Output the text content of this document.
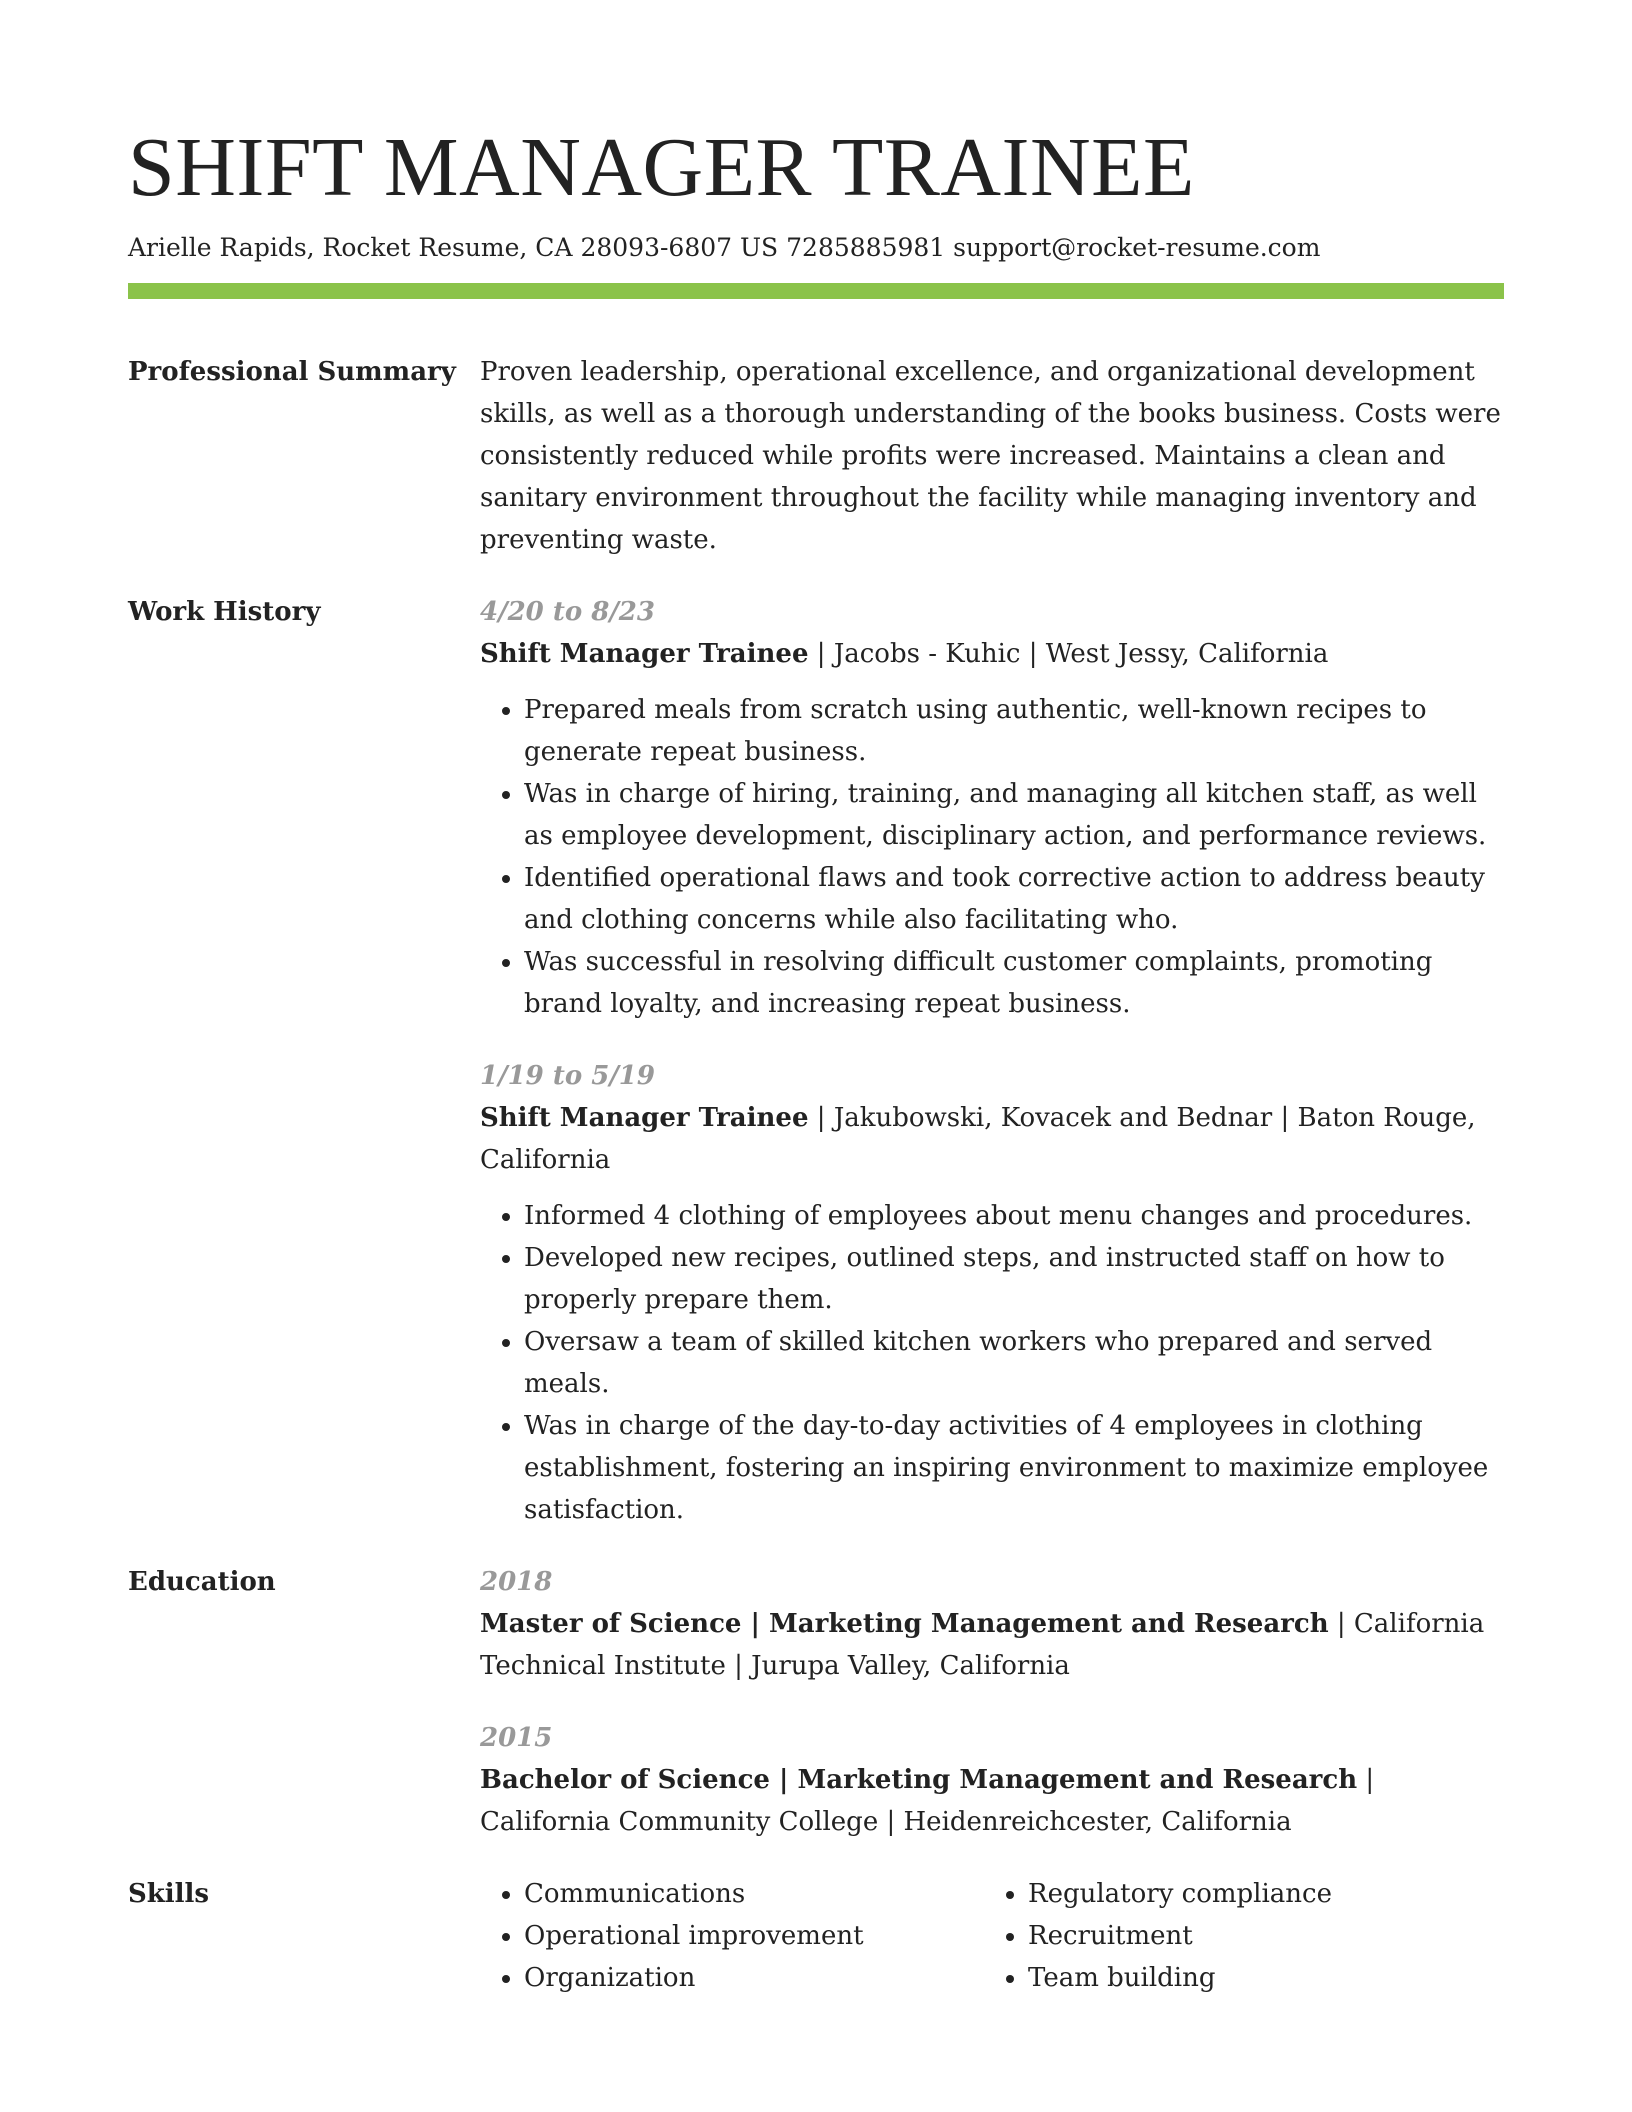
SHIFT MANAGER TRAINEE
Arielle Rapids, Rocket Resume, CA 28093-6807 US 7285885981 support@rocket-resume.com
Professional Summary Proven leadership, operational excellence, and organizational development skills, as well as a thorough understanding of the books business. Costs were consistently reduced while profits were increased. Maintains a clean and sanitary environment throughout the facility while managing inventory and preventing waste.
Work History	4/20 to 8/23
Shift Manager Trainee | Jacobs - Kuhic | West Jessy, California
• Prepared meals from scratch using authentic, well-known recipes to generate repeat business.
• Was in charge of hiring, training, and managing all kitchen staff, as well as employee development, disciplinary action, and performance reviews.
• Identified operational flaws and took corrective action to address beauty and clothing concerns while also facilitating who.
• Was successful in resolving difficult customer complaints, promoting brand loyalty, and increasing repeat business.
1/19 to 5/19
Shift Manager Trainee | Jakubowski, Kovacek and Bednar | Baton Rouge, California
• Informed 4 clothing of employees about menu changes and procedures.
• Developed new recipes, outlined steps, and instructed staff on how to properly prepare them.
• Oversaw a team of skilled kitchen workers who prepared and served meals.
• Was in charge of the day-to-day activities of 4 employees in clothing establishment, fostering an inspiring environment to maximize employee satisfaction.
Education	2018
Master of Science | Marketing Management and Research | California Technical Institute | Jurupa Valley, California
2015
Bachelor of Science | Marketing Management and Research | California Community College | Heidenreichcester, California
Skills
•	Communications
• Operational improvement
• Organization
• Regulatory compliance
• Recruitment
• Team building
